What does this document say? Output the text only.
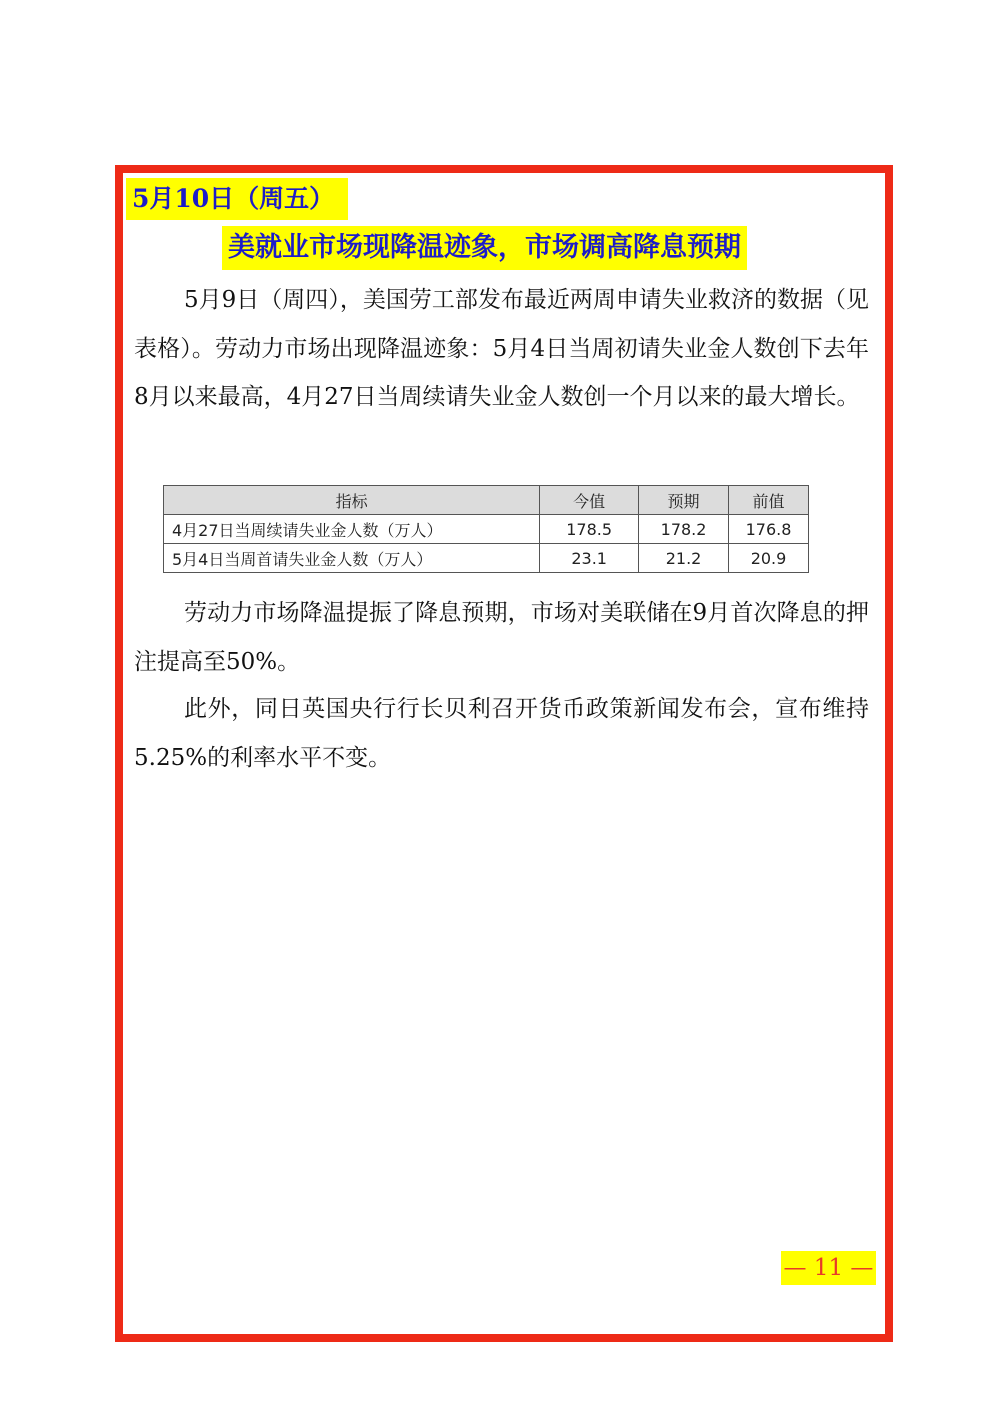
5月10日（周五）
美就业市场现降温迹象，市场调高降息预期

5月9日（周四），美国劳工部发布最近两周申请失业救济的数据（见表格）。劳动力市场出现降温迹象：5月4日当周初请失业金人数创下去年8月以来最高，4月27日当周续请失业金人数创一个月以来的最大增长。

指标	今值	预期	前值
4月27日当周续请失业金人数（万人）	178.5	178.2	176.8
5月4日当周首请失业金人数（万人）	23.1	21.2	20.9

劳动力市场降温提振了降息预期，市场对美联储在9月首次降息的押注提高至50%。

此外，同日英国央行行长贝利召开货币政策新闻发布会，宣布维持5.25%的利率水平不变。

— 11 —
